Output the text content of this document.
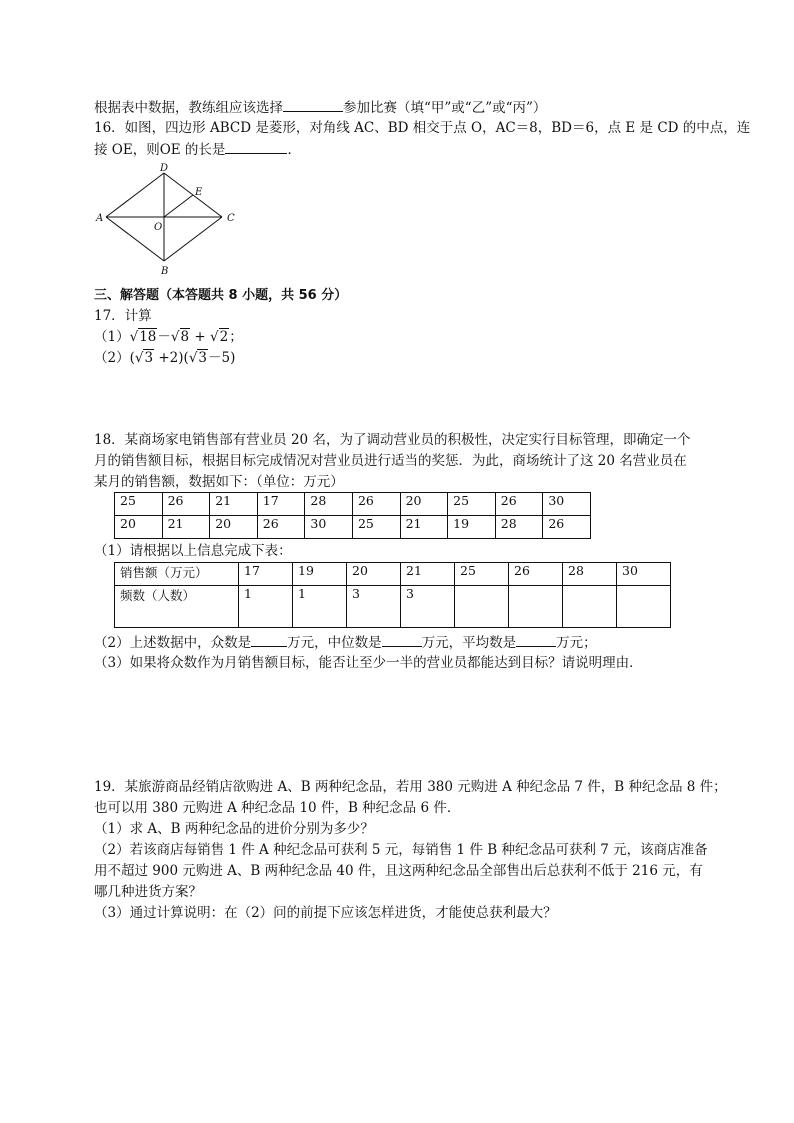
根据表中数据，教练组应该选择	参加比赛（填“甲”或“乙”或“丙”）
16．如图，四边形 ABCD 是菱形，对角线 AC、BD 相交于点 O，AC＝8，BD＝6，点 E 是 CD 的中点，连
接 OE，则OE 的长是	．
A	C
D
B
E
O
三、解答题（本答题共 8 小题，共 56 分）
17．计算
（1）√18－√8 + √2；
（2）(√3 +2)(√3－5)
18．某商场家电销售部有营业员 20 名，为了调动营业员的积极性，决定实行目标管理，即确定一个
月的销售额目标，根据目标完成情况对营业员进行适当的奖惩．为此，商场统计了这 20 名营业员在
某月的销售额，数据如下：（单位：万元）
25	26	21	17	28	26	20	25	26	30
20	21	20	26	30	25	21	19	28	26
（1）请根据以上信息完成下表：
销售额（万元）	17	19	20	21	25	26	28	30
频数（人数）	1	1	3	3				
（2）上述数据中，众数是	万元，中位数是	万元，平均数是	万元；
（3）如果将众数作为月销售额目标，能否让至少一半的营业员都能达到目标？请说明理由．
19．某旅游商品经销店欲购进 A、B 两种纪念品，若用 380 元购进 A 种纪念品 7 件，B 种纪念品 8 件；
也可以用 380 元购进 A 种纪念品 10 件，B 种纪念品 6 件．
（1）求 A、B 两种纪念品的进价分别为多少？
（2）若该商店每销售 1 件 A 种纪念品可获利 5 元，每销售 1 件 B 种纪念品可获利 7 元，该商店准备
用不超过 900 元购进 A、B 两种纪念品 40 件，且这两种纪念品全部售出后总获利不低于 216 元，有
哪几种进货方案？
（3）通过计算说明：在（2）问的前提下应该怎样进货，才能使总获利最大？
